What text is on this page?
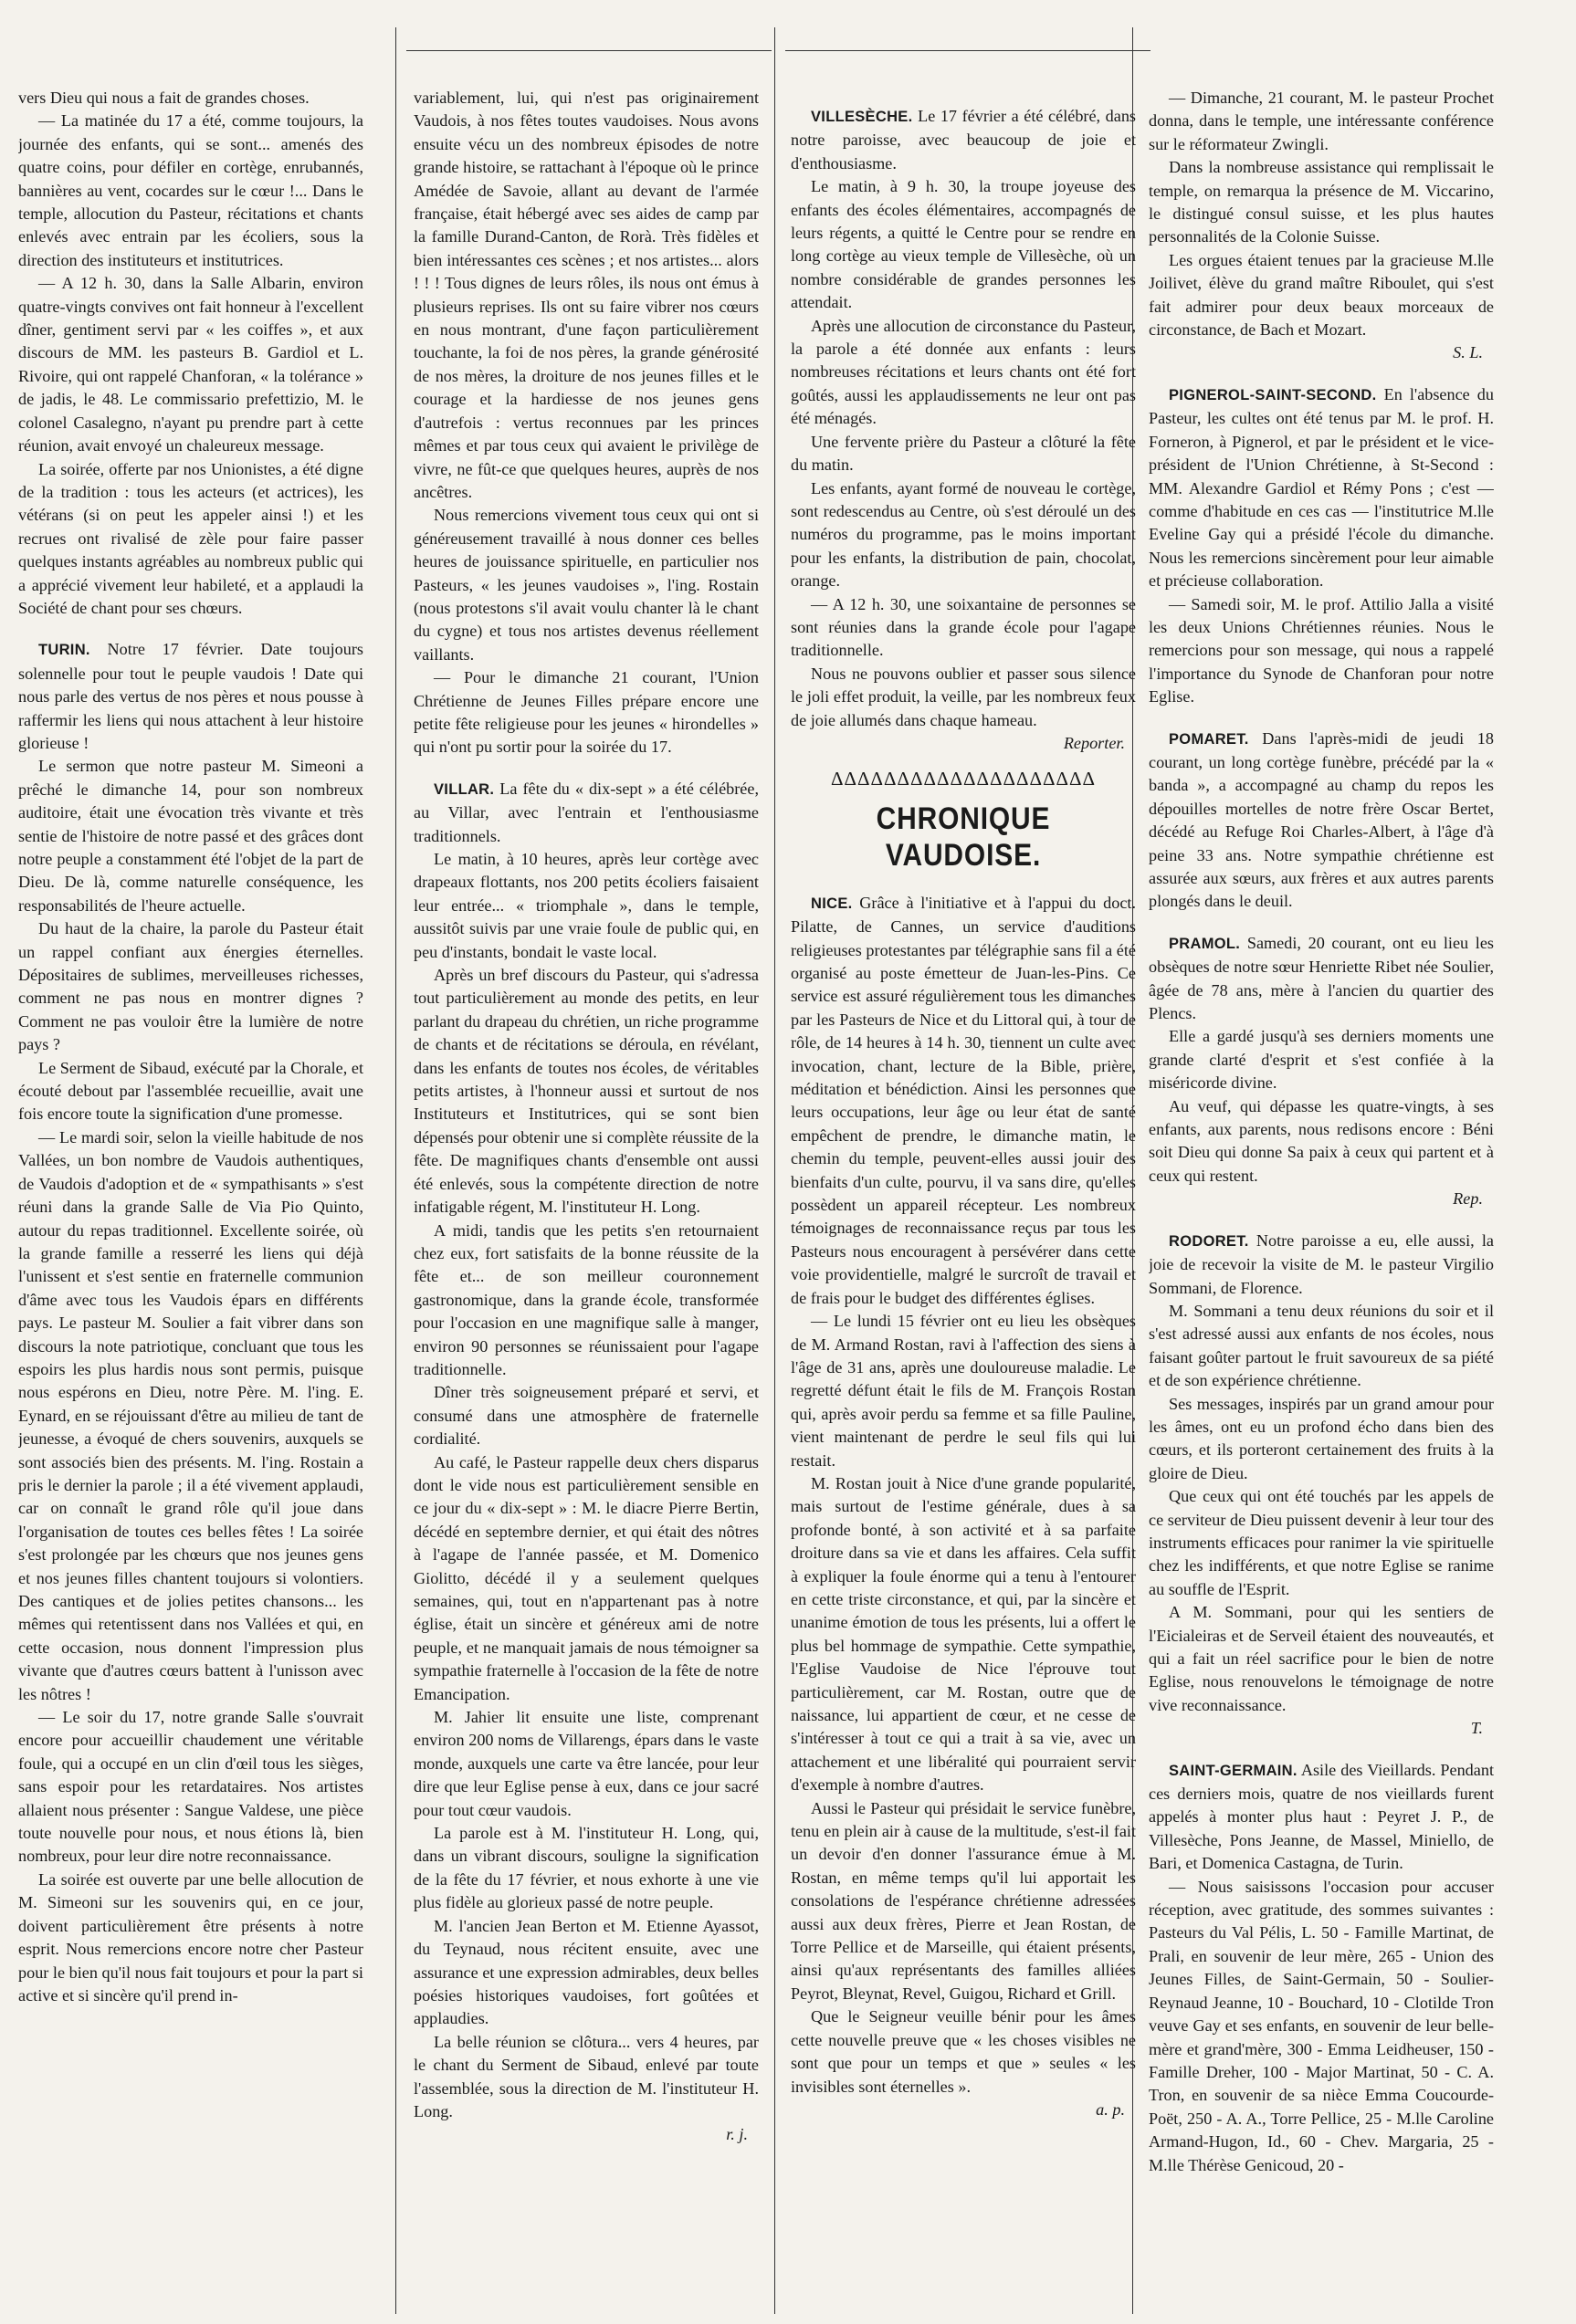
vers Dieu qui nous a fait de grandes choses.

— La matinée du 17 a été, comme toujours, la journée des enfants, qui se sont... amenés des quatre coins, pour défiler en cortège, enrubannés, bannières au vent, cocardes sur le cœur !... Dans le temple, allocution du Pasteur, récitations et chants enlevés avec entrain par les écoliers, sous la direction des instituteurs et institutrices.

— A 12 h. 30, dans la Salle Albarin, environ quatre-vingts convives ont fait honneur à l'excellent dîner, gentiment servi par « les coiffes », et aux discours de MM. les pasteurs B. Gardiol et L. Rivoire, qui ont rappelé Chanforan, « la tolérance » de jadis, le 48. Le commissario prefettizio, M. le colonel Casalegno, n'ayant pu prendre part à cette réunion, avait envoyé un chaleureux message.

La soirée, offerte par nos Unionistes, a été digne de la tradition : tous les acteurs (et actrices), les vétérans (si on peut les appeler ainsi !) et les recrues ont rivalisé de zèle pour faire passer quelques instants agréables au nombreux public qui a apprécié vivement leur habileté, et a applaudi la Société de chant pour ses chœurs.

TURIN. Notre 17 février. Date toujours solennelle pour tout le peuple vaudois ! Date qui nous parle des vertus de nos pères et nous pousse à raffermir les liens qui nous attachent à leur histoire glorieuse !

Le sermon que notre pasteur M. Simeoni a prêché le dimanche 14, pour son nombreux auditoire, était une évocation très vivante et très sentie de l'histoire de notre passé et des grâces dont notre peuple a constamment été l'objet de la part de Dieu. De là, comme naturelle conséquence, les responsabilités de l'heure actuelle.

Du haut de la chaire, la parole du Pasteur était un rappel confiant aux énergies éternelles. Dépositaires de sublimes, merveilleuses richesses, comment ne pas nous en montrer dignes ? Comment ne pas vouloir être la lumière de notre pays ?

Le Serment de Sibaud, exécuté par la Chorale, et écouté debout par l'assemblée recueillie, avait une fois encore toute la signification d'une promesse.

— Le mardi soir, selon la vieille habitude de nos Vallées, un bon nombre de Vaudois authentiques, de Vaudois d'adoption et de « sympathisants » s'est réuni dans la grande Salle de Via Pio Quinto, autour du repas traditionnel. Excellente soirée, où la grande famille a resserré les liens qui déjà l'unissent et s'est sentie en fraternelle communion d'âme avec tous les Vaudois épars en différents pays. Le pasteur M. Soulier a fait vibrer dans son discours la note patriotique, concluant que tous les espoirs les plus hardis nous sont permis, puisque nous espérons en Dieu, notre Père. M. l'ing. E. Eynard, en se réjouissant d'être au milieu de tant de jeunesse, a évoqué de chers souvenirs, auxquels se sont associés bien des présents. M. l'ing. Rostain a pris le dernier la parole ; il a été vivement applaudi, car on connaît le grand rôle qu'il joue dans l'organisation de toutes ces belles fêtes ! La soirée s'est prolongée par les chœurs que nos jeunes gens et nos jeunes filles chantent toujours si volontiers. Des cantiques et de jolies petites chansons... les mêmes qui retentissent dans nos Vallées et qui, en cette occasion, nous donnent l'impression plus vivante que d'autres cœurs battent à l'unisson avec les nôtres !

— Le soir du 17, notre grande Salle s'ouvrait encore pour accueillir chaudement une véritable foule, qui a occupé en un clin d'œil tous les sièges, sans espoir pour les retardataires. Nos artistes allaient nous présenter : Sangue Valdese, une pièce toute nouvelle pour nous, et nous étions là, bien nombreux, pour leur dire notre reconnaissance.

La soirée est ouverte par une belle allocution de M. Simeoni sur les souvenirs qui, en ce jour, doivent particulièrement être présents à notre esprit. Nous remercions encore notre cher Pasteur pour le bien qu'il nous fait toujours et pour la part si active et si sincère qu'il prend in-

variablement, lui, qui n'est pas originairement Vaudois, à nos fêtes toutes vaudoises. Nous avons ensuite vécu un des nombreux épisodes de notre grande histoire, se rattachant à l'époque où le prince Amédée de Savoie, allant au devant de l'armée française, était hébergé avec ses aides de camp par la famille Durand-Canton, de Rorà. Très fidèles et bien intéressantes ces scènes ; et nos artistes... alors ! ! ! Tous dignes de leurs rôles, ils nous ont émus à plusieurs reprises. Ils ont su faire vibrer nos cœurs en nous montrant, d'une façon particulièrement touchante, la foi de nos pères, la grande générosité de nos mères, la droiture de nos jeunes filles et le courage et la hardiesse de nos jeunes gens d'autrefois : vertus reconnues par les princes mêmes et par tous ceux qui avaient le privilège de vivre, ne fût-ce que quelques heures, auprès de nos ancêtres.

Nous remercions vivement tous ceux qui ont si généreusement travaillé à nous donner ces belles heures de jouissance spirituelle, en particulier nos Pasteurs, « les jeunes vaudoises », l'ing. Rostain (nous protestons s'il avait voulu chanter là le chant du cygne) et tous nos artistes devenus réellement vaillants.

— Pour le dimanche 21 courant, l'Union Chrétienne de Jeunes Filles prépare encore une petite fête religieuse pour les jeunes « hirondelles » qui n'ont pu sortir pour la soirée du 17.

VILLAR. La fête du « dix-sept » a été célébrée, au Villar, avec l'entrain et l'enthousiasme traditionnels.

Le matin, à 10 heures, après leur cortège avec drapeaux flottants, nos 200 petits écoliers faisaient leur entrée... « triomphale », dans le temple, aussitôt suivis par une vraie foule de public qui, en peu d'instants, bondait le vaste local.

Après un bref discours du Pasteur, qui s'adressa tout particulièrement au monde des petits, en leur parlant du drapeau du chrétien, un riche programme de chants et de récitations se déroula, en révélant, dans les enfants de toutes nos écoles, de véritables petits artistes, à l'honneur aussi et surtout de nos Instituteurs et Institutrices, qui se sont bien dépensés pour obtenir une si complète réussite de la fête. De magnifiques chants d'ensemble ont aussi été enlevés, sous la compétente direction de notre infatigable régent, M. l'instituteur H. Long.

A midi, tandis que les petits s'en retournaient chez eux, fort satisfaits de la bonne réussite de la fête et... de son meilleur couronnement gastronomique, dans la grande école, transformée pour l'occasion en une magnifique salle à manger, environ 90 personnes se réunissaient pour l'agape traditionnelle.

Dîner très soigneusement préparé et servi, et consumé dans une atmosphère de fraternelle cordialité.

Au café, le Pasteur rappelle deux chers disparus dont le vide nous est particulièrement sensible en ce jour du « dix-sept » : M. le diacre Pierre Bertin, décédé en septembre dernier, et qui était des nôtres à l'agape de l'année passée, et M. Domenico Giolitto, décédé il y a seulement quelques semaines, qui, tout en n'appartenant pas à notre église, était un sincère et généreux ami de notre peuple, et ne manquait jamais de nous témoigner sa sympathie fraternelle à l'occasion de la fête de notre Emancipation.

M. Jahier lit ensuite une liste, comprenant environ 200 noms de Villarengs, épars dans le vaste monde, auxquels une carte va être lancée, pour leur dire que leur Eglise pense à eux, dans ce jour sacré pour tout cœur vaudois.

La parole est à M. l'instituteur H. Long, qui, dans un vibrant discours, souligne la signification de la fête du 17 février, et nous exhorte à une vie plus fidèle au glorieux passé de notre peuple.

M. l'ancien Jean Berton et M. Etienne Ayassot, du Teynaud, nous récitent ensuite, avec une assurance et une expression admirables, deux belles poésies historiques vaudoises, fort goûtées et applaudies.

La belle réunion se clôtura... vers 4 heures, par le chant du Serment de Sibaud, enlevé par toute l'assemblée, sous la direction de M. l'instituteur H. Long.
r. j.

VILLESÈCHE. Le 17 février a été célébré, dans notre paroisse, avec beaucoup de joie et d'enthousiasme.

Le matin, à 9 h. 30, la troupe joyeuse des enfants des écoles élémentaires, accompagnés de leurs régents, a quitté le Centre pour se rendre en long cortège au vieux temple de Villesèche, où un nombre considérable de grandes personnes les attendait.

Après une allocution de circonstance du Pasteur, la parole a été donnée aux enfants : leurs nombreuses récitations et leurs chants ont été fort goûtés, aussi les applaudissements ne leur ont pas été ménagés.

Une fervente prière du Pasteur a clôturé la fête du matin.

Les enfants, ayant formé de nouveau le cortège, sont redescendus au Centre, où s'est déroulé un des numéros du programme, pas le moins important pour les enfants, la distribution de pain, chocolat, orange.

— A 12 h. 30, une soixantaine de personnes se sont réunies dans la grande école pour l'agape traditionnelle.

Nous ne pouvons oublier et passer sous silence le joli effet produit, la veille, par les nombreux feux de joie allumés dans chaque hameau.
Reporter.

ΔΔΔΔΔΔΔΔΔΔΔΔΔΔΔΔΔΔΔΔ
CHRONIQUE VAUDOISE.

NICE. Grâce à l'initiative et à l'appui du doct. Pilatte, de Cannes, un service d'auditions religieuses protestantes par télégraphie sans fil a été organisé au poste émetteur de Juan-les-Pins. Ce service est assuré régulièrement tous les dimanches par les Pasteurs de Nice et du Littoral qui, à tour de rôle, de 14 heures à 14 h. 30, tiennent un culte avec invocation, chant, lecture de la Bible, prière, méditation et bénédiction. Ainsi les personnes que leurs occupations, leur âge ou leur état de santé empêchent de prendre, le dimanche matin, le chemin du temple, peuvent-elles aussi jouir des bienfaits d'un culte, pourvu, il va sans dire, qu'elles possèdent un appareil récepteur. Les nombreux témoignages de reconnaissance reçus par tous les Pasteurs nous encouragent à persévérer dans cette voie providentielle, malgré le surcroît de travail et de frais pour le budget des différentes églises.

— Le lundi 15 février ont eu lieu les obsèques de M. Armand Rostan, ravi à l'affection des siens à l'âge de 31 ans, après une douloureuse maladie. Le regretté défunt était le fils de M. François Rostan qui, après avoir perdu sa femme et sa fille Pauline, vient maintenant de perdre le seul fils qui lui restait.

M. Rostan jouit à Nice d'une grande popularité, mais surtout de l'estime générale, dues à sa profonde bonté, à son activité et à sa parfaite droiture dans sa vie et dans les affaires. Cela suffit à expliquer la foule énorme qui a tenu à l'entourer en cette triste circonstance, et qui, par la sincère et unanime émotion de tous les présents, lui a offert le plus bel hommage de sympathie. Cette sympathie, l'Eglise Vaudoise de Nice l'éprouve tout particulièrement, car M. Rostan, outre que de naissance, lui appartient de cœur, et ne cesse de s'intéresser à tout ce qui a trait à sa vie, avec un attachement et une libéralité qui pourraient servir d'exemple à nombre d'autres.

Aussi le Pasteur qui présidait le service funèbre, tenu en plein air à cause de la multitude, s'est-il fait un devoir d'en donner l'assurance émue à M. Rostan, en même temps qu'il lui apportait les consolations de l'espérance chrétienne adressées aussi aux deux frères, Pierre et Jean Rostan, de Torre Pellice et de Marseille, qui étaient présents, ainsi qu'aux représentants des familles alliées Peyrot, Bleynat, Revel, Guigou, Richard et Grill.

Que le Seigneur veuille bénir pour les âmes cette nouvelle preuve que « les choses visibles ne sont que pour un temps et que » seules « les invisibles sont éternelles ».
a. p.

— Dimanche, 21 courant, M. le pasteur Prochet donna, dans le temple, une intéressante conférence sur le réformateur Zwingli.

Dans la nombreuse assistance qui remplissait le temple, on remarqua la présence de M. Viccarino, le distingué consul suisse, et les plus hautes personnalités de la Colonie Suisse.

Les orgues étaient tenues par la gracieuse M.lle Joilivet, élève du grand maître Riboulet, qui s'est fait admirer pour deux beaux morceaux de circonstance, de Bach et Mozart.
S. L.

PIGNEROL-SAINT-SECOND. En l'absence du Pasteur, les cultes ont été tenus par M. le prof. H. Forneron, à Pignerol, et par le président et le vice-président de l'Union Chrétienne, à St-Second : MM. Alexandre Gardiol et Rémy Pons ; c'est — comme d'habitude en ces cas — l'institutrice M.lle Eveline Gay qui a présidé l'école du dimanche. Nous les remercions sincèrement pour leur aimable et précieuse collaboration.

— Samedi soir, M. le prof. Attilio Jalla a visité les deux Unions Chrétiennes réunies. Nous le remercions pour son message, qui nous a rappelé l'importance du Synode de Chanforan pour notre Eglise.

POMARET. Dans l'après-midi de jeudi 18 courant, un long cortège funèbre, précédé par la « banda », a accompagné au champ du repos les dépouilles mortelles de notre frère Oscar Bertet, décédé au Refuge Roi Charles-Albert, à l'âge d'à peine 33 ans. Notre sympathie chrétienne est assurée aux sœurs, aux frères et aux autres parents plongés dans le deuil.

PRAMOL. Samedi, 20 courant, ont eu lieu les obsèques de notre sœur Henriette Ribet née Soulier, âgée de 78 ans, mère à l'ancien du quartier des Plencs.

Elle a gardé jusqu'à ses derniers moments une grande clarté d'esprit et s'est confiée à la miséricorde divine.

Au veuf, qui dépasse les quatre-vingts, à ses enfants, aux parents, nous redisons encore : Béni soit Dieu qui donne Sa paix à ceux qui partent et à ceux qui restent.
Rep.

RODORET. Notre paroisse a eu, elle aussi, la joie de recevoir la visite de M. le pasteur Virgilio Sommani, de Florence.

M. Sommani a tenu deux réunions du soir et il s'est adressé aussi aux enfants de nos écoles, nous faisant goûter partout le fruit savoureux de sa piété et de son expérience chrétienne.

Ses messages, inspirés par un grand amour pour les âmes, ont eu un profond écho dans bien des cœurs, et ils porteront certainement des fruits à la gloire de Dieu.

Que ceux qui ont été touchés par les appels de ce serviteur de Dieu puissent devenir à leur tour des instruments efficaces pour ranimer la vie spirituelle chez les indifférents, et que notre Eglise se ranime au souffle de l'Esprit.

A M. Sommani, pour qui les sentiers de l'Eicialeiras et de Serveil étaient des nouveautés, et qui a fait un réel sacrifice pour le bien de notre Eglise, nous renouvelons le témoignage de notre vive reconnaissance.
T.

SAINT-GERMAIN. Asile des Vieillards. Pendant ces derniers mois, quatre de nos vieillards furent appelés à monter plus haut : Peyret J. P., de Villesèche, Pons Jeanne, de Massel, Miniello, de Bari, et Domenica Castagna, de Turin.

— Nous saisissons l'occasion pour accuser réception, avec gratitude, des sommes suivantes : Pasteurs du Val Pélis, L. 50 - Famille Martinat, de Prali, en souvenir de leur mère, 265 - Union des Jeunes Filles, de Saint-Germain, 50 - Soulier-Reynaud Jeanne, 10 - Bouchard, 10 - Clotilde Tron veuve Gay et ses enfants, en souvenir de leur belle-mère et grand'mère, 300 - Emma Leidheuser, 150 - Famille Dreher, 100 - Major Martinat, 50 - C. A. Tron, en souvenir de sa nièce Emma Coucourde-Poët, 250 - A. A., Torre Pellice, 25 - M.lle Caroline Armand-Hugon, Id., 60 - Chev. Margaria, 25 - M.lle Thérèse Genicoud, 20 -
